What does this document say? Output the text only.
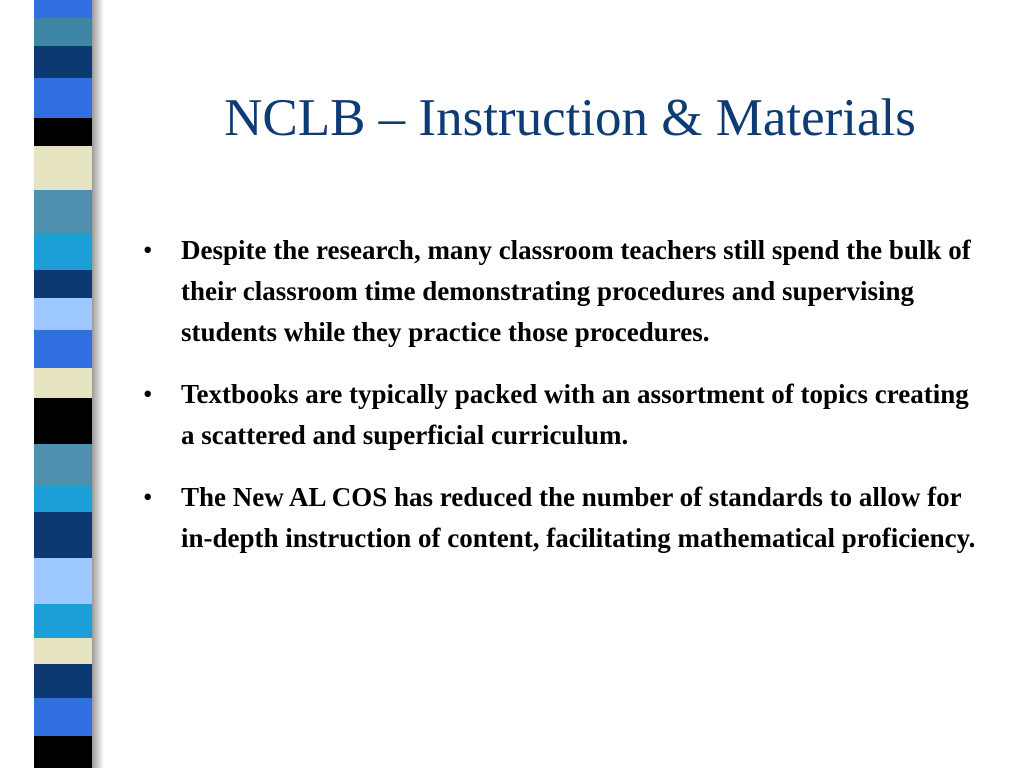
NCLB – Instruction & Materials
•	Despite the research, many classroom teachers still spend the bulk of their classroom time demonstrating procedures and supervising students while they practice those procedures.
•	Textbooks are typically packed with an assortment of topics creating a scattered and superficial curriculum.
•	The New AL COS has reduced the number of standards to allow for in-depth instruction of content, facilitating mathematical proficiency.
